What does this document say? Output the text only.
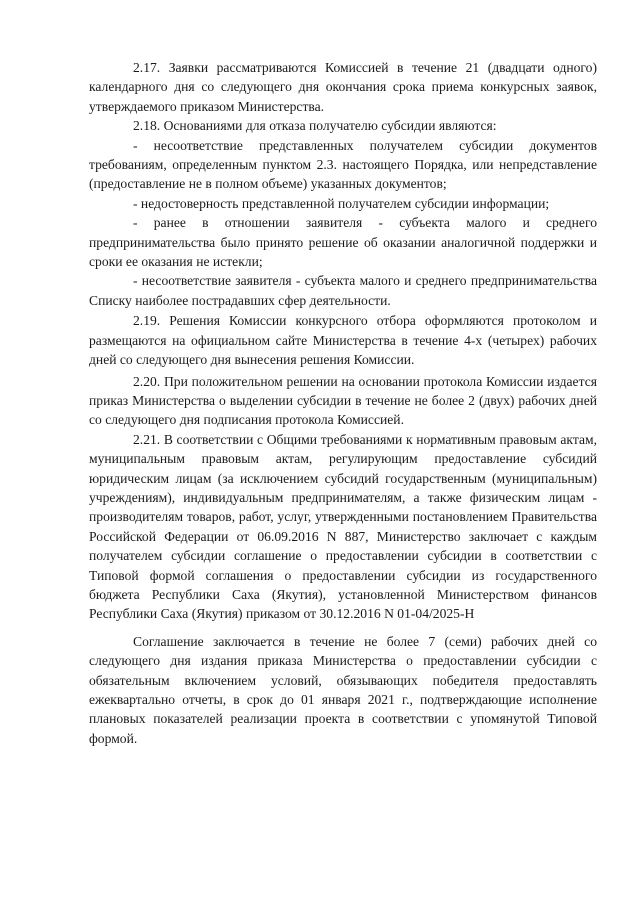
2.17. Заявки рассматриваются Комиссией в течение 21 (двадцати одного) календарного дня со следующего дня окончания срока приема конкурсных заявок, утверждаемого приказом Министерства.

2.18. Основаниями для отказа получателю субсидии являются:

- несоответствие представленных получателем субсидии документов требованиям, определенным пунктом 2.3. настоящего Порядка, или непредставление (предоставление не в полном объеме) указанных документов;

- недостоверность представленной получателем субсидии информации;

- ранее в отношении заявителя - субъекта малого и среднего предпринимательства было принято решение об оказании аналогичной поддержки и сроки ее оказания не истекли;

- несоответствие заявителя - субъекта малого и среднего предпринимательства Списку наиболее пострадавших сфер деятельности.

2.19. Решения Комиссии конкурсного отбора оформляются протоколом и размещаются на официальном сайте Министерства в течение 4-х (четырех) рабочих дней со следующего дня вынесения решения Комиссии.

2.20. При положительном решении на основании протокола Комиссии издается приказ Министерства о выделении субсидии в течение не более 2 (двух) рабочих дней со следующего дня подписания протокола Комиссией.

2.21. В соответствии с Общими требованиями к нормативным правовым актам, муниципальным правовым актам, регулирующим предоставление субсидий юридическим лицам (за исключением субсидий государственным (муниципальным) учреждениям), индивидуальным предпринимателям, а также физическим лицам - производителям товаров, работ, услуг, утвержденными постановлением Правительства Российской Федерации от 06.09.2016 N 887, Министерство заключает с каждым получателем субсидии соглашение о предоставлении субсидии в соответствии с Типовой формой соглашения о предоставлении субсидии из государственного бюджета Республики Саха (Якутия), установленной Министерством финансов Республики Саха (Якутия) приказом от 30.12.2016 N 01-04/2025-Н

Соглашение заключается в течение не более 7 (семи) рабочих дней со следующего дня издания приказа Министерства о предоставлении субсидии с обязательным включением условий, обязывающих победителя предоставлять ежеквартально отчеты, в срок до 01 января 2021 г., подтверждающие исполнение плановых показателей реализации проекта в соответствии с упомянутой Типовой формой.
